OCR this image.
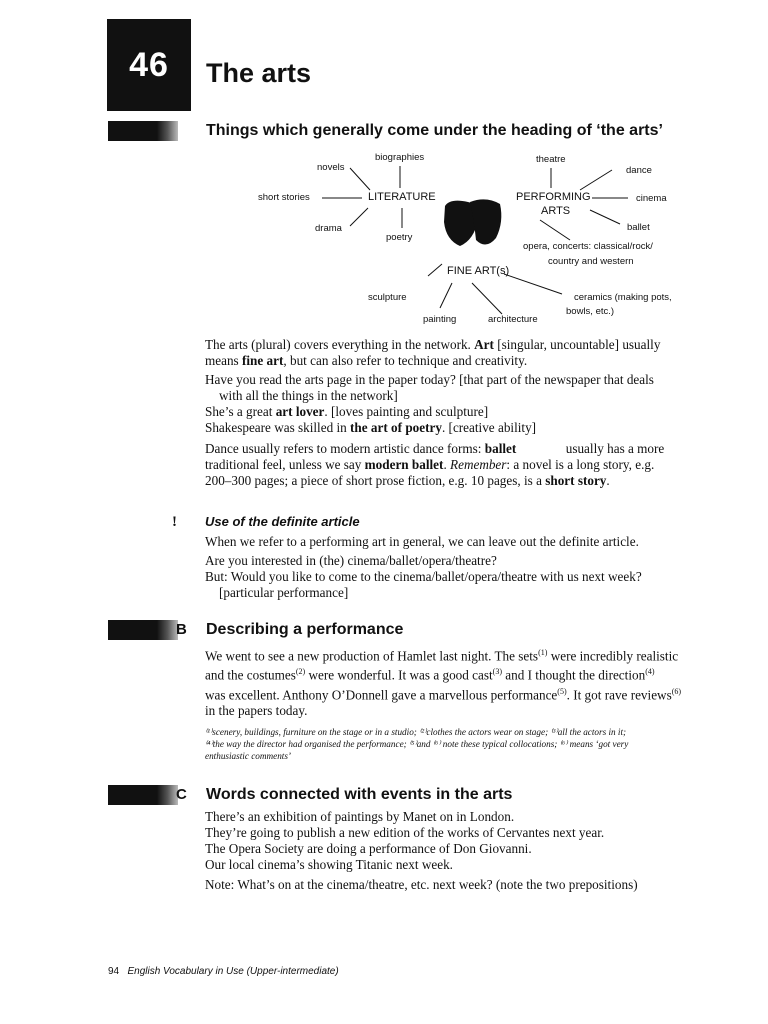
46 The arts
Things which generally come under the heading of ‘the arts’
biographies
novels
short stories
drama
poetry
LITERATURE
theatre
dance
cinema
ballet
opera, concerts: classical/rock/
country and western
PERFORMING
ARTS
FINE ART(s)
sculpture
painting	architecture
ceramics (making pots,
bowls, etc.)
The arts (plural) covers everything in the network. Art [singular, uncountable] usually
means fine art, but can also refer to technique and creativity.
Have you read the arts page in the paper today? [that part of the newspaper that deals
with all the things in the network]
She’s a great art lover. [loves painting and sculpture]
Shakespeare was skilled in the art of poetry. [creative ability]
Dance usually refers to modern artistic dance forms: ballet               usually has a more
traditional feel, unless we say modern ballet. Remember: a novel is a long story, e.g.
200–300 pages; a piece of short prose fiction, e.g. 10 pages, is a short story.
! Use of the definite article
When we refer to a performing art in general, we can leave out the definite article.
Are you interested in (the) cinema/ballet/opera/theatre?
But: Would you like to come to the cinema/ballet/opera/theatre with us next week?
[particular performance]
B Describing a performance
We went to see a new production of Hamlet last night. The sets$^{(1)}$ were incredibly realistic
and the costumes$^{(2)}$ were wonderful. It was a good cast$^{(3)}$ and I thought the direction$^{(4)}$
was excellent. Anthony O’Donnell gave a marvellous performance$^{(5)}$. It got rave reviews$^{(6)}$
in the papers today.
⁽¹⁾scenery, buildings, furniture on the stage or in a studio; ⁽²⁾clothes the actors wear on stage; ⁽³⁾all the actors in it;
⁽⁴⁾the way the director had organised the performance; ⁽⁵⁾and ⁽⁶⁾ note these typical collocations; ⁽⁶⁾ means ‘got very
enthusiastic comments’
C Words connected with events in the arts
There’s an exhibition of paintings by Manet on in London.
They’re going to publish a new edition of the works of Cervantes next year.
The Opera Society are doing a performance of Don Giovanni.
Our local cinema’s showing Titanic next week.
Note: What’s on at the cinema/theatre, etc. next week? (note the two prepositions)
94 English Vocabulary in Use (Upper-intermediate)
